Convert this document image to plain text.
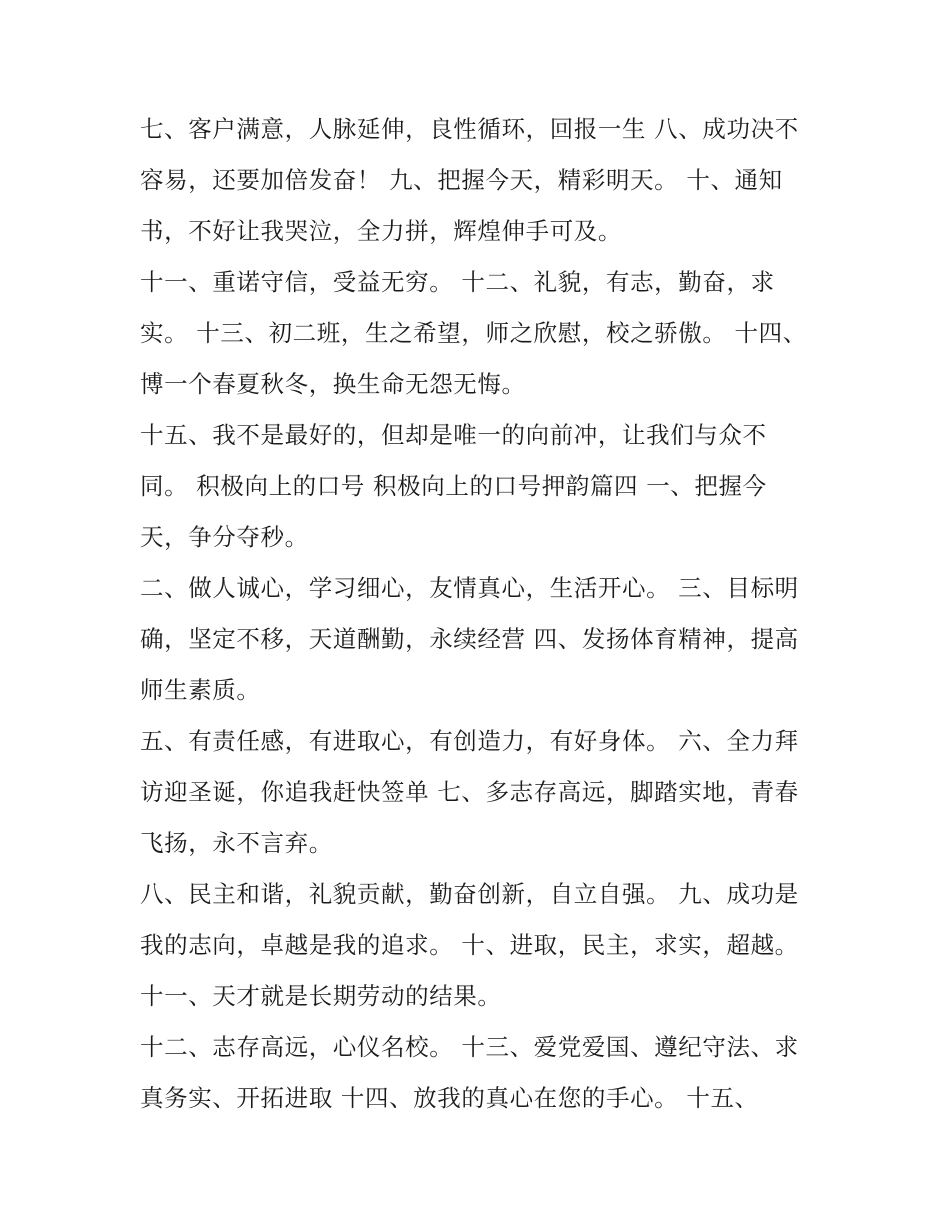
七、客户满意，人脉延伸，良性循环，回报一生 八、成功决不容易，还要加倍发奋！ 九、把握今天，精彩明天。 十、通知书，不好让我哭泣，全力拼，辉煌伸手可及。

十一、重诺守信，受益无穷。 十二、礼貌，有志，勤奋，求实。 十三、初二班，生之希望，师之欣慰，校之骄傲。 十四、博一个春夏秋冬，换生命无怨无悔。

十五、我不是最好的，但却是唯一的向前冲，让我们与众不同。 积极向上的口号 积极向上的口号押韵篇四 一、把握今天，争分夺秒。

二、做人诚心，学习细心，友情真心，生活开心。 三、目标明确，坚定不移，天道酬勤，永续经营 四、发扬体育精神，提高师生素质。

五、有责任感，有进取心，有创造力，有好身体。 六、全力拜访迎圣诞，你追我赶快签单 七、多志存高远，脚踏实地，青春飞扬，永不言弃。

八、民主和谐，礼貌贡献，勤奋创新，自立自强。 九、成功是我的志向，卓越是我的追求。 十、进取，民主，求实，超越。 十一、天才就是长期劳动的结果。

十二、志存高远，心仪名校。 十三、爱党爱国、遵纪守法、求真务实、开拓进取 十四、放我的真心在您的手心。 十五、
